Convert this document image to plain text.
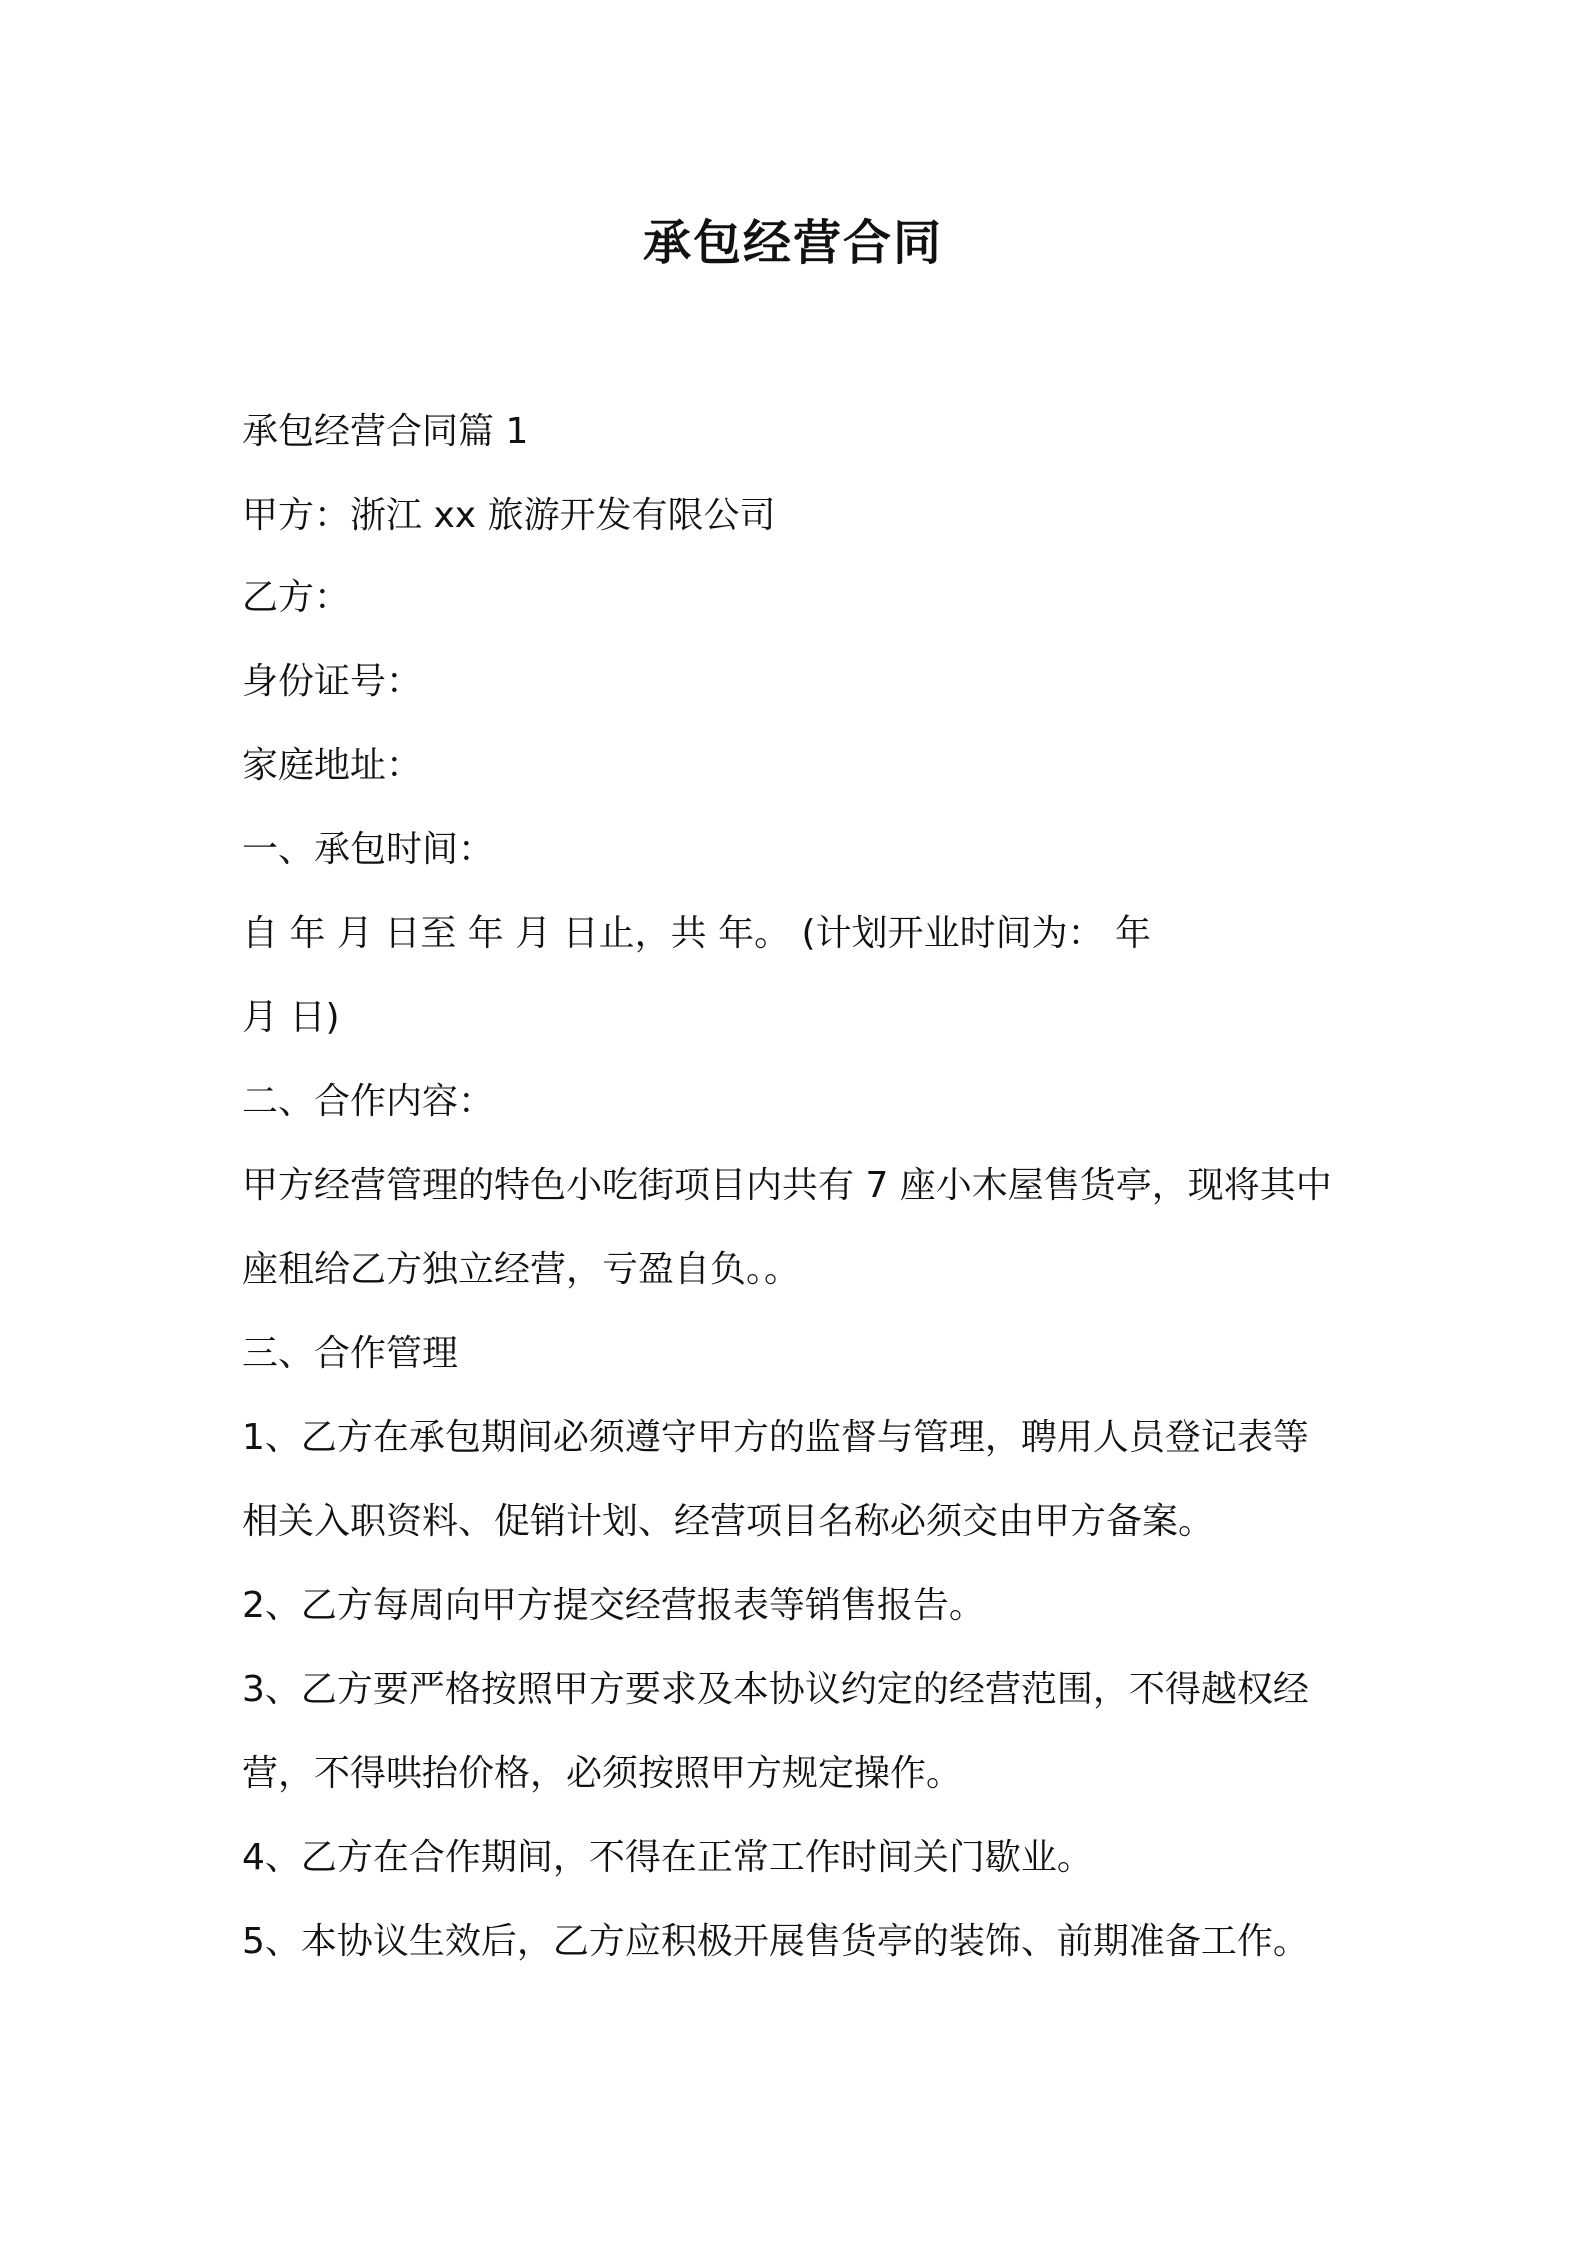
承包经营合同
承包经营合同篇 1
甲方：浙江 xx 旅游开发有限公司
乙方：
身份证号：
家庭地址：
一、承包时间：
自 年 月 日至 年 月 日止，共 年。 (计划开业时间为： 年
月 日)
二、合作内容：
甲方经营管理的特色小吃街项目内共有 7 座小木屋售货亭，现将其中
座租给乙方独立经营，亏盈自负。。
三、合作管理
1、乙方在承包期间必须遵守甲方的监督与管理，聘用人员登记表等
相关入职资料、促销计划、经营项目名称必须交由甲方备案。
2、乙方每周向甲方提交经营报表等销售报告。
3、乙方要严格按照甲方要求及本协议约定的经营范围，不得越权经
营，不得哄抬价格，必须按照甲方规定操作。
4、乙方在合作期间，不得在正常工作时间关门歇业。
5、本协议生效后，乙方应积极开展售货亭的装饰、前期准备工作。
